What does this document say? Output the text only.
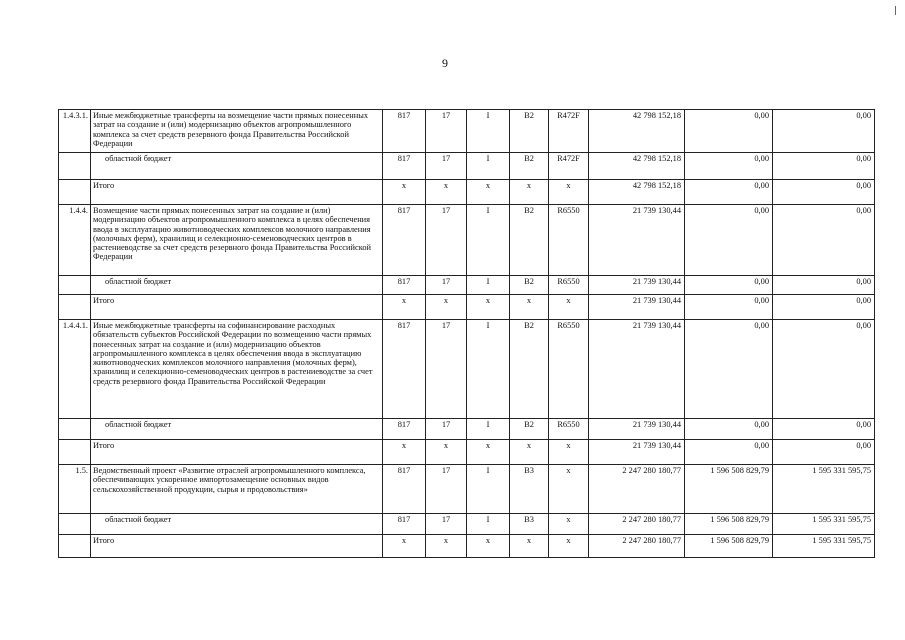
9
1.4.3.1.	Иные межбюджетные трансферты на возмещение части прямых понесенных затрат на создание и (или) модернизацию объектов агропромышленного комплекса за счет средств резервного фонда Правительства Российской Федерации	817	17	I	B2	R472F	42 798 152,18	0,00	0,00
	областной бюджет	817	17	I	B2	R472F	42 798 152,18	0,00	0,00
	Итого	x	x	x	x	x	42 798 152,18	0,00	0,00
1.4.4.	Возмещение части прямых понесенных затрат на создание и (или) модернизацию объектов агропромышленного комплекса в целях обеспечения ввода в эксплуатацию животноводческих комплексов молочного направления (молочных ферм), хранилищ и селекционно-семеноводческих центров в растениеводстве за счет средств резервного фонда Правительства Российской Федерации	817	17	I	B2	R6550	21 739 130,44	0,00	0,00
	областной бюджет	817	17	I	B2	R6550	21 739 130,44	0,00	0,00
	Итого	x	x	x	x	x	21 739 130,44	0,00	0,00
1.4.4.1.	Иные межбюджетные трансферты на софинансирование расходных обязательств субъектов Российской Федерации по возмещению части прямых понесенных затрат на создание и (или) модернизацию объектов агропромышленного комплекса в целях обеспечения ввода в эксплуатацию животноводческих комплексов молочного направления (молочных ферм), хранилищ и селекционно-семеноводческих центров в растениеводстве за счет средств резервного фонда Правительства Российской Федерации	817	17	I	B2	R6550	21 739 130,44	0,00	0,00
	областной бюджет	817	17	I	B2	R6550	21 739 130,44	0,00	0,00
	Итого	x	x	x	x	x	21 739 130,44	0,00	0,00
1.5.	Ведомственный проект «Развитие отраслей агропромышленного комплекса, обеспечивающих ускоренное импортозамещение основных видов сельскохозяйственной продукции, сырья и продовольствия»	817	17	I	B3	x	2 247 280 180,77	1 596 508 829,79	1 595 331 595,75
	областной бюджет	817	17	I	B3	x	2 247 280 180,77	1 596 508 829,79	1 595 331 595,75
	Итого	x	x	x	x	x	2 247 280 180,77	1 596 508 829,79	1 595 331 595,75
